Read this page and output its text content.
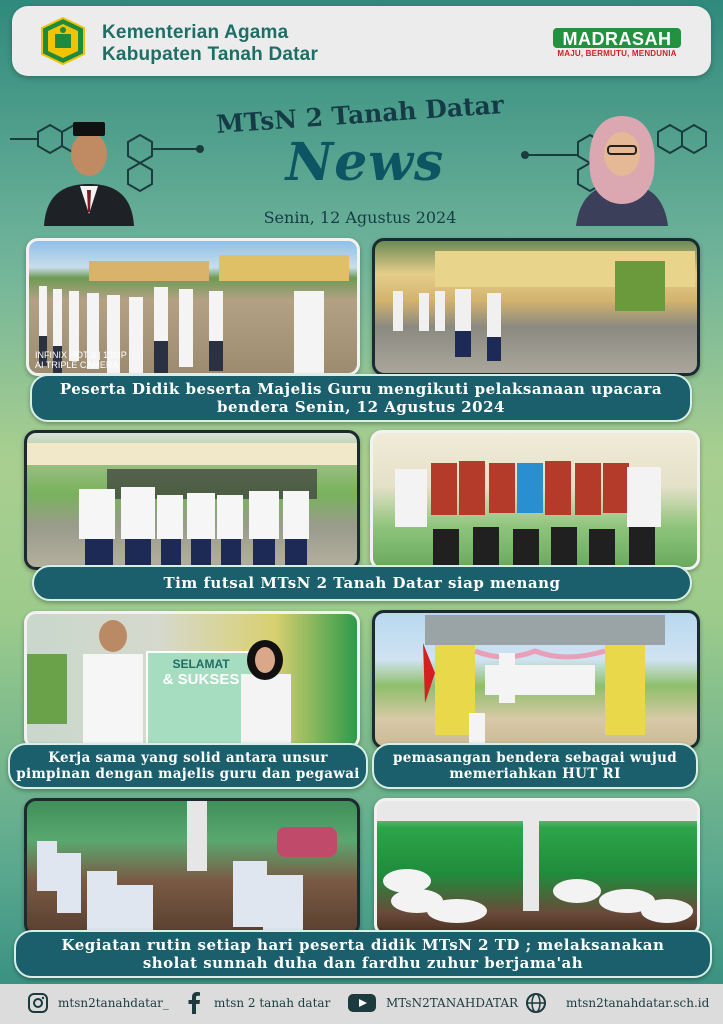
Kementerian Agama
Kabupaten Tanah Datar
MADRASAH
MAJU, BERMUTU, MENDUNIA
MTsN 2 Tanah Datar
News
Senin, 12 Agustus 2024
INFINIX HOT 8 | 13MP
AI TRIPLE CAMERA
Peserta Didik beserta Majelis Guru mengikuti pelaksanaan upacara
bendera Senin, 12 Agustus 2024
Tim futsal MTsN 2 Tanah Datar siap menang
SELAMAT
& SUKSES
Kerja sama yang solid antara unsur
pimpinan dengan majelis guru dan pegawai
pemasangan bendera sebagai wujud
memeriahkan HUT RI
Kegiatan rutin setiap hari peserta didik MTsN 2 TD ; melaksanakan
sholat sunnah duha dan fardhu zuhur berjama'ah
mtsn2tanahdatar_	mtsn 2 tanah datar	MTsN2TANAHDATAR	mtsn2tanahdatar.sch.id
